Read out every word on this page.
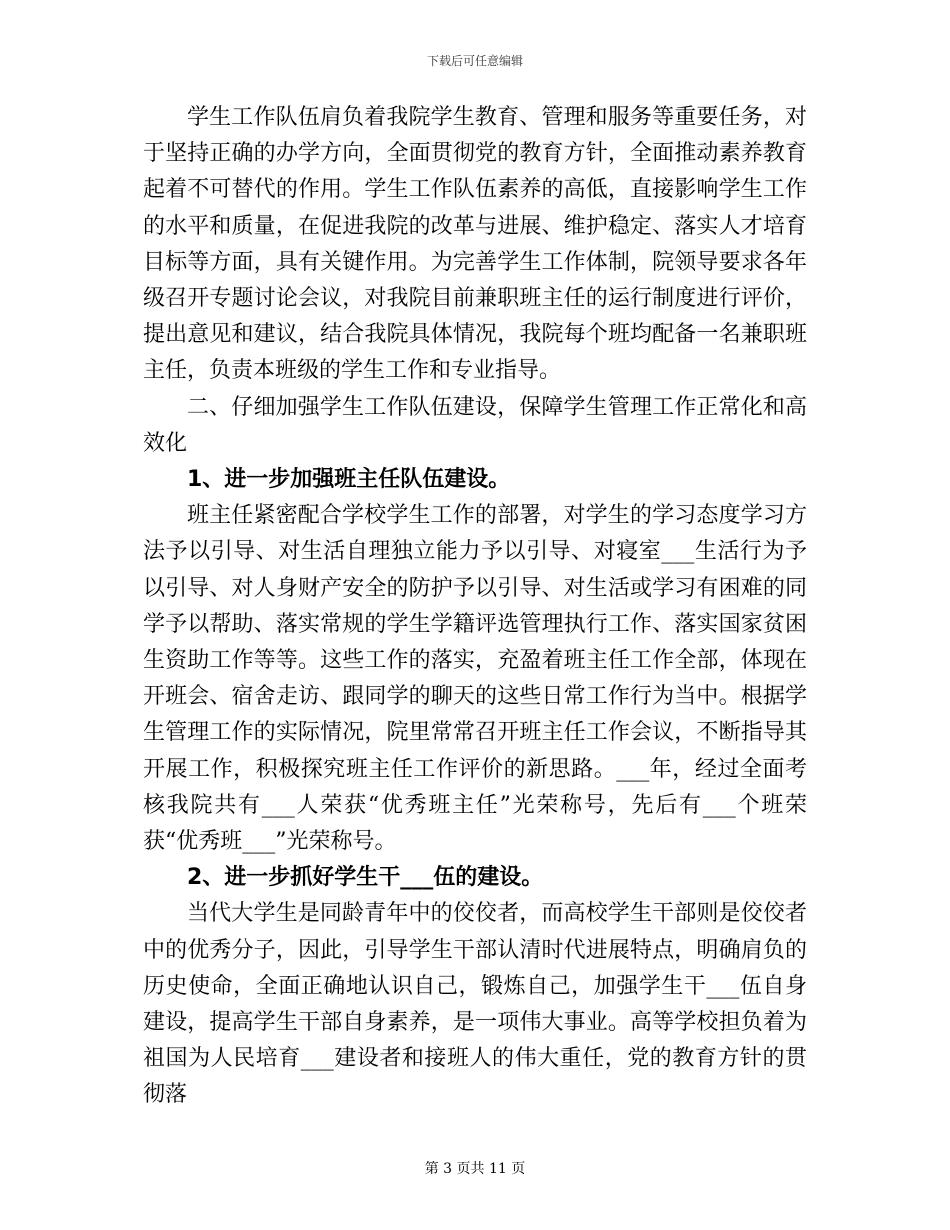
下载后可任意编辑

学生工作队伍肩负着我院学生教育、管理和服务等重要任务，对于坚持正确的办学方向，全面贯彻党的教育方针，全面推动素养教育起着不可替代的作用。学生工作队伍素养的高低，直接影响学生工作的水平和质量，在促进我院的改革与进展、维护稳定、落实人才培育目标等方面，具有关键作用。为完善学生工作体制，院领导要求各年级召开专题讨论会议，对我院目前兼职班主任的运行制度进行评价，提出意见和建议，结合我院具体情况，我院每个班均配备一名兼职班主任，负责本班级的学生工作和专业指导。

二、仔细加强学生工作队伍建设，保障学生管理工作正常化和高效化

1、进一步加强班主任队伍建设。

班主任紧密配合学校学生工作的部署，对学生的学习态度学习方法予以引导、对生活自理独立能力予以引导、对寝室___生活行为予以引导、对人身财产安全的防护予以引导、对生活或学习有困难的同学予以帮助、落实常规的学生学籍评选管理执行工作、落实国家贫困生资助工作等等。这些工作的落实，充盈着班主任工作全部，体现在开班会、宿舍走访、跟同学的聊天的这些日常工作行为当中。根据学生管理工作的实际情况，院里常常召开班主任工作会议，不断指导其开展工作，积极探究班主任工作评价的新思路。___年，经过全面考核我院共有___人荣获“优秀班主任”光荣称号，先后有___个班荣获“优秀班___”光荣称号。

2、进一步抓好学生干___伍的建设。

当代大学生是同龄青年中的佼佼者，而高校学生干部则是佼佼者中的优秀分子，因此，引导学生干部认清时代进展特点，明确肩负的历史使命，全面正确地认识自己，锻炼自己，加强学生干___伍自身建设，提高学生干部自身素养，是一项伟大事业。高等学校担负着为祖国为人民培育___建设者和接班人的伟大重任，党的教育方针的贯彻落

第 3 页共 11 页
